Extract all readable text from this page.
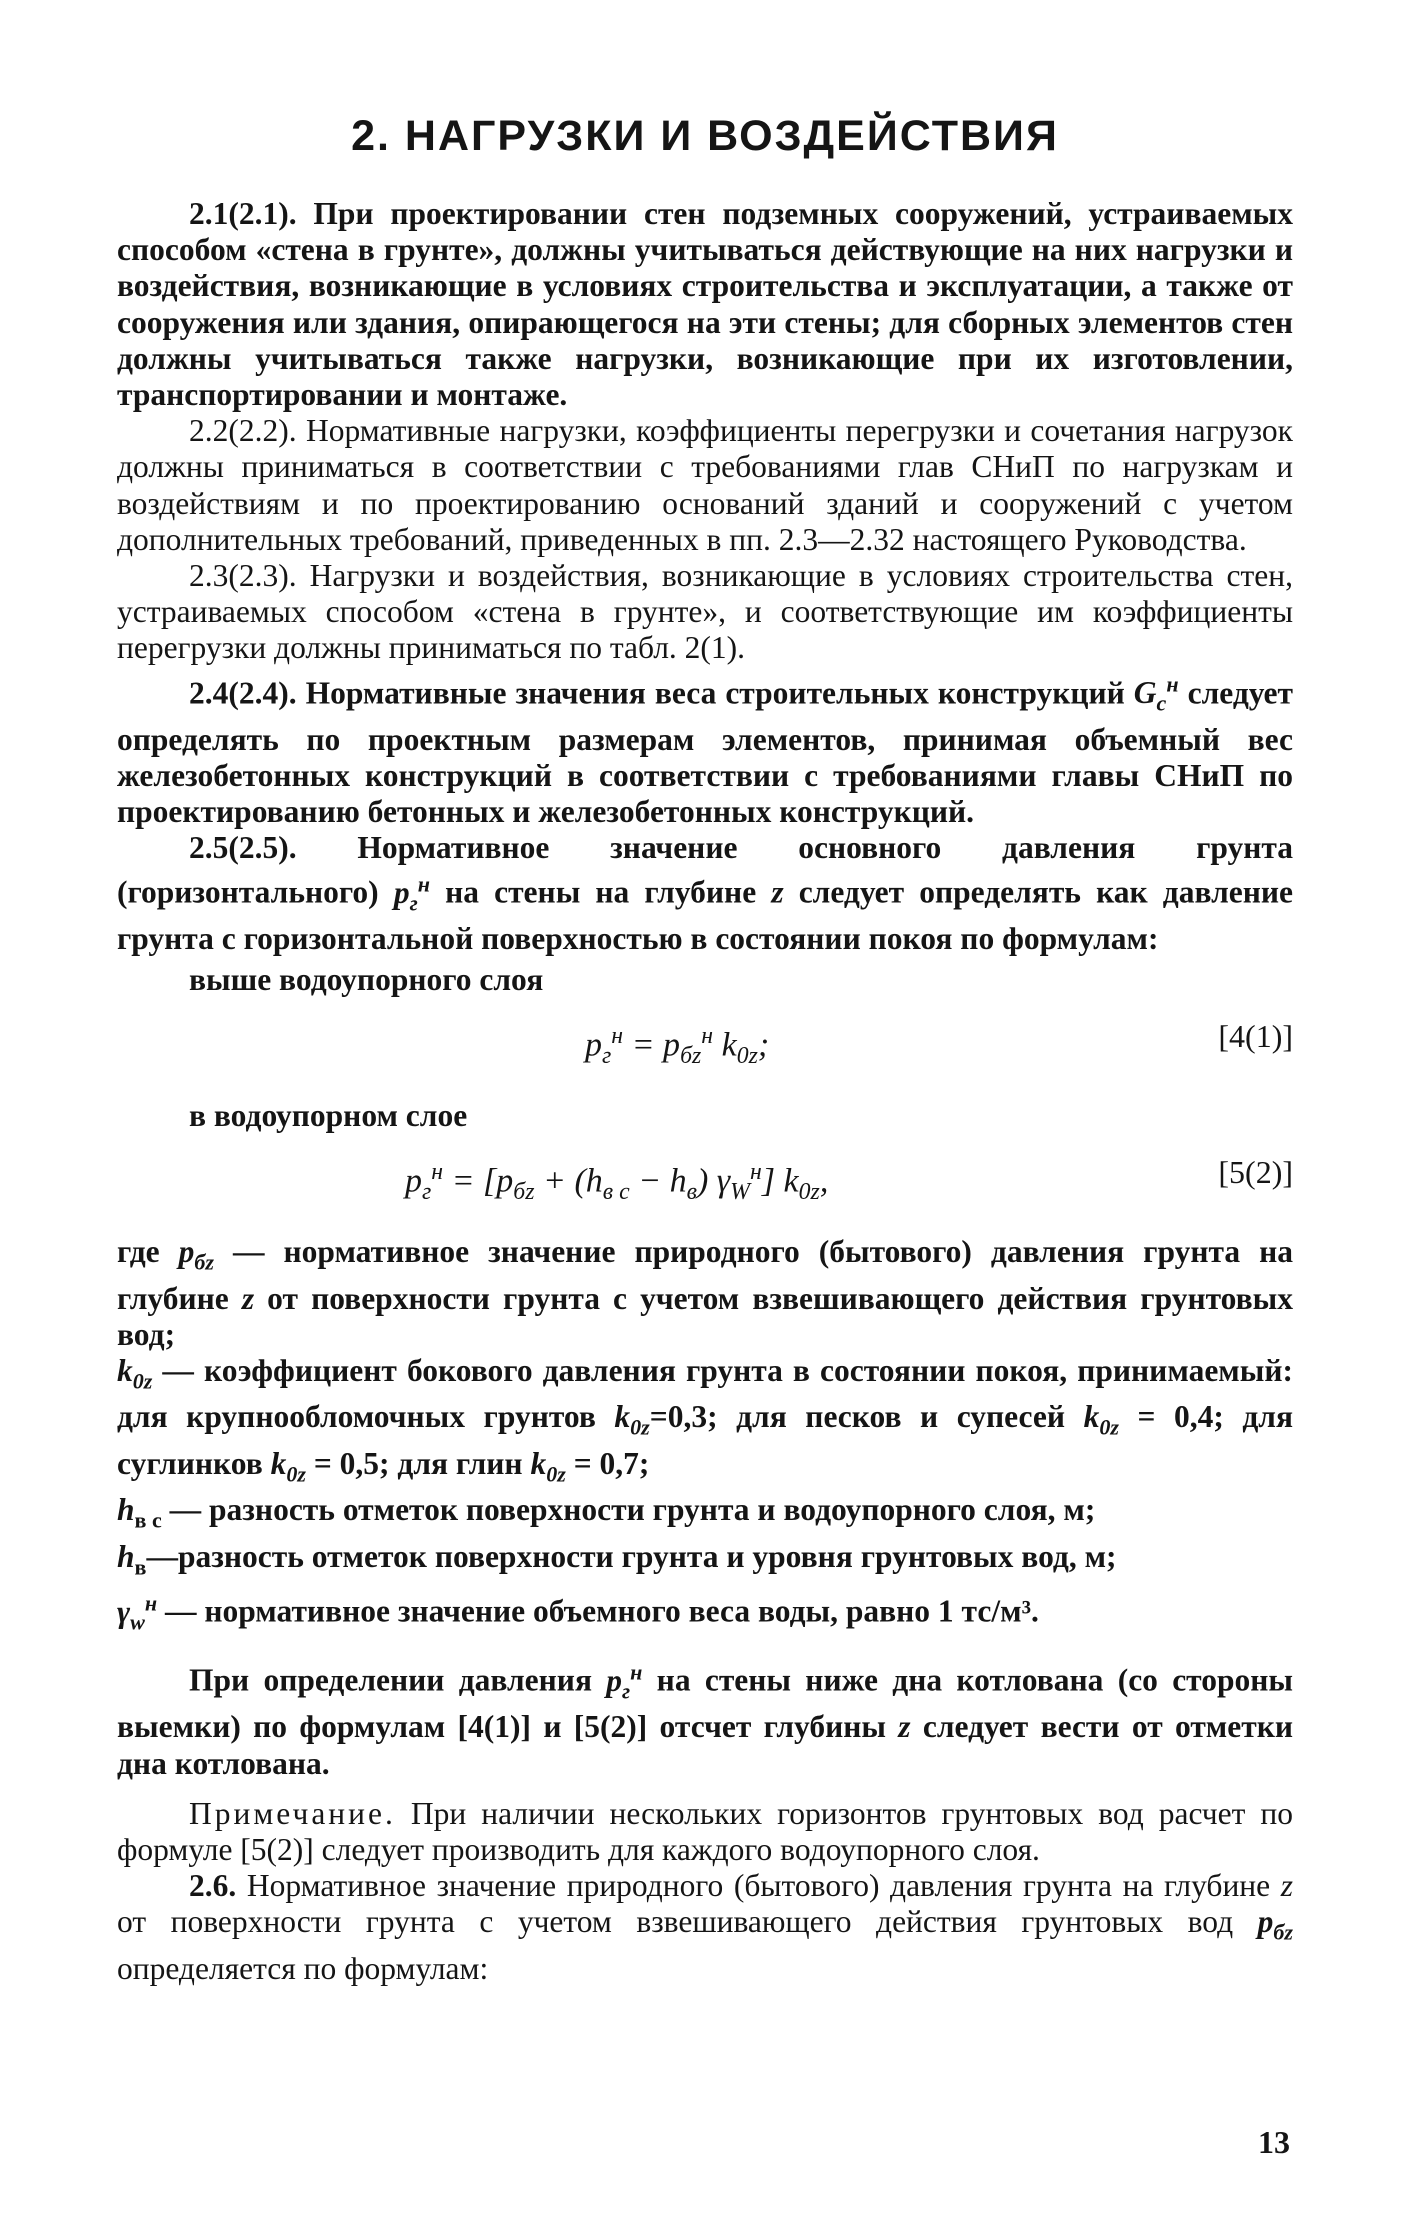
2. НАГРУЗКИ И ВОЗДЕЙСТВИЯ

2.1(2.1). При проектировании стен подземных сооружений, устраиваемых способом «стена в грунте», должны учитываться действующие на них нагрузки и воздействия, возникающие в условиях строительства и эксплуатации, а также от сооружения или здания, опирающегося на эти стены; для сборных элементов стен должны учитываться также нагрузки, возникающие при их изготовлении, транспортировании и монтаже.

2.2(2.2). Нормативные нагрузки, коэффициенты перегрузки и сочетания нагрузок должны приниматься в соответствии с требованиями глав СНиП по нагрузкам и воздействиям и по проектированию оснований зданий и сооружений с учетом дополнительных требований, приведенных в пп. 2.3—2.32 настоящего Руководства.

2.3(2.3). Нагрузки и воздействия, возникающие в условиях строительства стен, устраиваемых способом «стена в грунте», и соответствующие им коэффициенты перегрузки должны приниматься по табл. 2(1).

2.4(2.4). Нормативные значения веса строительных конструкций $G_с^н$ следует определять по проектным размерам элементов, принимая объемный вес железобетонных конструкций в соответствии с требованиями главы СНиП по проектированию бетонных и железобетонных конструкций.

2.5(2.5). Нормативное значение основного давления грунта (горизонтального) $p_г^н$ на стены на глубине z следует определять как давление грунта с горизонтальной поверхностью в состоянии покоя по формулам:

выше водоупорного слоя

$p_г^н = p_{бz}^н$ $k_{0z}$;	[4(1)]

в водоупорном слое

$p_г^н = [p_{бz} + (h_{в с} - h_в)$ $\gamma_W^н$] $k_{0z}$,	[5(2)]

где $p_{бz}$ — нормативное значение природного (бытового) давления грунта на глубине z от поверхности грунта с учетом взвешивающего действия грунтовых вод;

$k_{0z}$ — коэффициент бокового давления грунта в состоянии покоя, принимаемый: для крупнообломочных грунтов $k_{0z}=0,3$; для песков и супесей $k_{0z} = 0,4$; для суглинков $k_{0z} = 0,5$; для глин $k_{0z} = 0,7$;

$h_{в с}$ — разность отметок поверхности грунта и водоупорного слоя, м;

$h_в—разность$ отметок поверхности грунта и уровня грунтовых вод, м;

$\gamma_w^н$ — нормативное значение объемного веса воды, равно 1 тс/м³.

При определении давления $p_г^н$ на стены ниже дна котлована (со стороны выемки) по формулам [4(1)] и [5(2)] отсчет глубины z следует вести от отметки дна котлована.

Примечание. При наличии нескольких горизонтов грунтовых вод расчет по формуле [5(2)] следует производить для каждого водоупорного слоя.

2.6. Нормативное значение природного (бытового) давления грунта на глубине z от поверхности грунта с учетом взвешивающего действия грунтовых вод $p_{бz}$ определяется по формулам:

13
